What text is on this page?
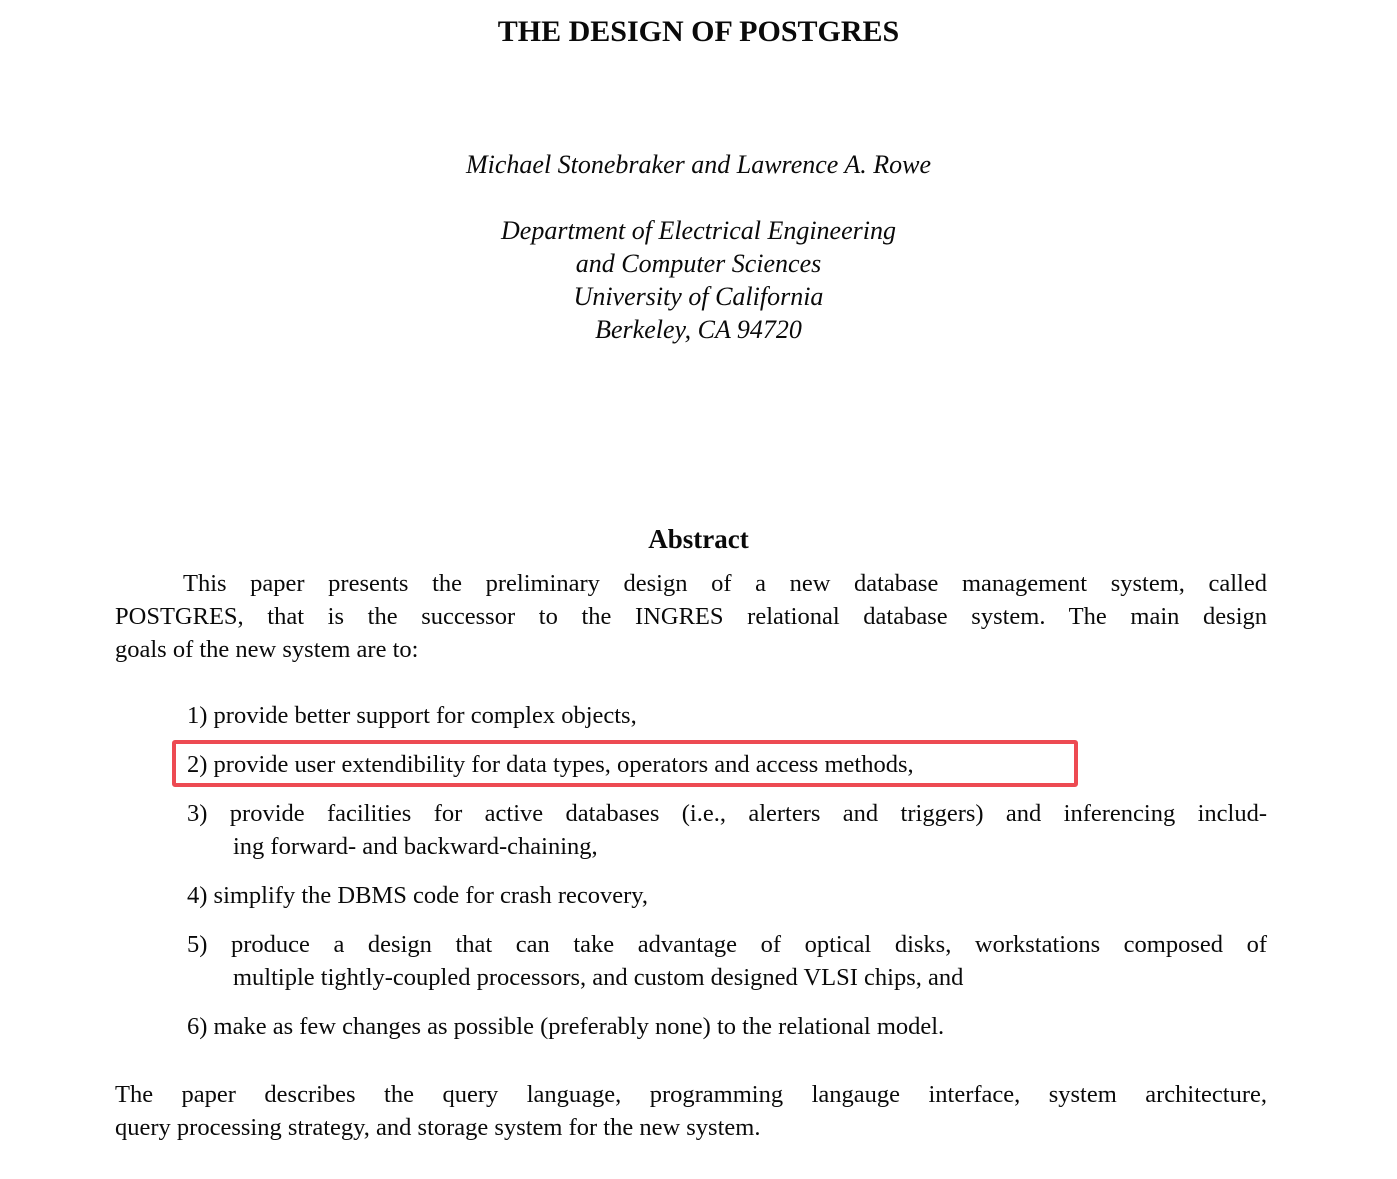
THE DESIGN OF POSTGRES
Michael Stonebraker and Lawrence A. Rowe
Department of Electrical Engineering
and Computer Sciences
University of California
Berkeley, CA 94720
Abstract
This paper presents the preliminary design of a new database management system, called
POSTGRES, that is the successor to the INGRES relational database system. The main design
goals of the new system are to:
1) provide better support for complex objects,
2) provide user extendibility for data types, operators and access methods,
3) provide facilities for active databases (i.e., alerters and triggers) and inferencing includ-
ing forward- and backward-chaining,
4) simplify the DBMS code for crash recovery,
5) produce a design that can take advantage of optical disks, workstations composed of
multiple tightly-coupled processors, and custom designed VLSI chips, and
6) make as few changes as possible (preferably none) to the relational model.
The paper describes the query language, programming langauge interface, system architecture,
query processing strategy, and storage system for the new system.
